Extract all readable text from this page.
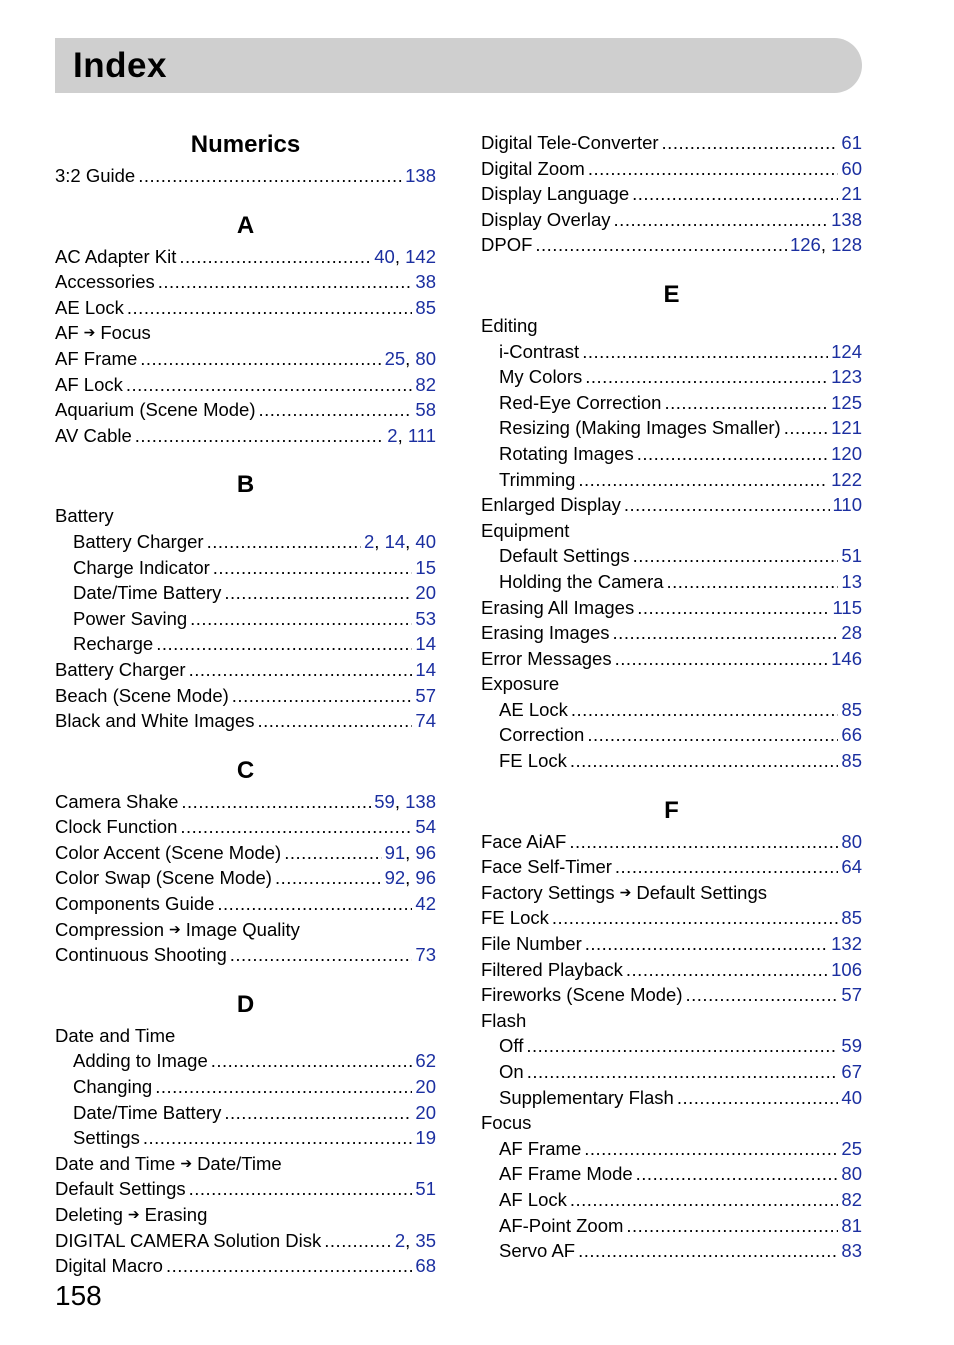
Index
Numerics
3:2 Guide .....	138
A
AC Adapter Kit .....	40, 142
Accessories .....	38
AE Lock .....	85
AF ➔ Focus
AF Frame .....	25, 80
AF Lock .....	82
Aquarium (Scene Mode) .....	58
AV Cable .....	2, 111
B
Battery
Battery Charger .....	2, 14, 40
Charge Indicator .....	15
Date/Time Battery .....	20
Power Saving .....	53
Recharge .....	14
Battery Charger .....	14
Beach (Scene Mode) .....	57
Black and White Images .....	74
C
Camera Shake .....	59, 138
Clock Function .....	54
Color Accent (Scene Mode) .....	91, 96
Color Swap (Scene Mode) .....	92, 96
Components Guide .....	42
Compression ➔ Image Quality
Continuous Shooting .....	73
D
Date and Time
Adding to Image .....	62
Changing .....	20
Date/Time Battery .....	20
Settings .....	19
Date and Time ➔ Date/Time
Default Settings .....	51
Deleting ➔ Erasing
DIGITAL CAMERA Solution Disk .....	2, 35
Digital Macro .....	68
Digital Tele-Converter .....	61
Digital Zoom .....	60
Display Language .....	21
Display Overlay .....	138
DPOF .....	126, 128
E
Editing
i-Contrast .....	124
My Colors .....	123
Red-Eye Correction .....	125
Resizing (Making Images Smaller) .....	121
Rotating Images .....	120
Trimming .....	122
Enlarged Display .....	110
Equipment
Default Settings .....	51
Holding the Camera .....	13
Erasing All Images .....	115
Erasing Images .....	28
Error Messages .....	146
Exposure
AE Lock .....	85
Correction .....	66
FE Lock .....	85
F
Face AiAF .....	80
Face Self-Timer .....	64
Factory Settings ➔ Default Settings
FE Lock .....	85
File Number .....	132
Filtered Playback .....	106
Fireworks (Scene Mode) .....	57
Flash
Off .....	59
On .....	67
Supplementary Flash .....	40
Focus
AF Frame .....	25
AF Frame Mode .....	80
AF Lock .....	82
AF-Point Zoom .....	81
Servo AF .....	83
158
